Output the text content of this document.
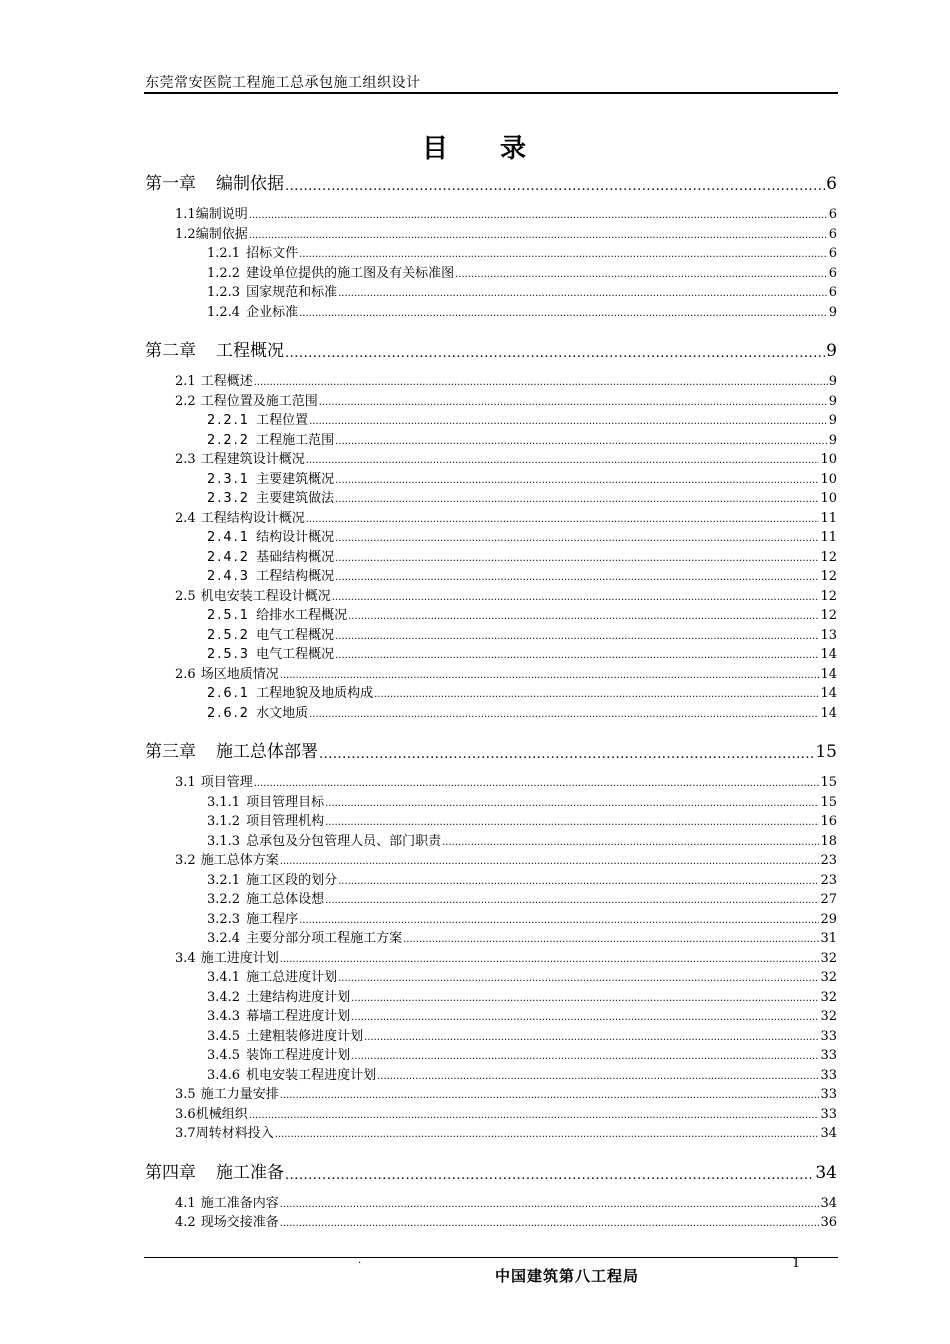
东莞常安医院工程施工总承包施工组织设计
目 录
第一章 编制依据 .....	6
1.1编制说明 .....	6
1.2编制依据 .....	6
1.2.1 招标文件 .....	6
1.2.2 建设单位提供的施工图及有关标准图 .....	6
1.2.3 国家规范和标准 .....	6
1.2.4 企业标准 .....	9
第二章 工程概况 .....	9
2.1 工程概述 .....	9
2.2 工程位置及施工范围 .....	9
2.2.1 工程位置 .....	9
2.2.2 工程施工范围 .....	9
2.3 工程建筑设计概况 .....	10
2.3.1 主要建筑概况 .....	10
2.3.2 主要建筑做法 .....	10
2.4 工程结构设计概况 .....	11
2.4.1 结构设计概况 .....	11
2.4.2 基础结构概况 .....	12
2.4.3 工程结构概况 .....	12
2.5 机电安装工程设计概况 .....	12
2.5.1 给排水工程概况 .....	12
2.5.2 电气工程概况 .....	13
2.5.3 电气工程概况 .....	14
2.6 场区地质情况 .....	14
2.6.1 工程地貌及地质构成 .....	14
2.6.2 水文地质 .....	14
第三章 施工总体部署 .....	15
3.1 项目管理 .....	15
3.1.1 项目管理目标 .....	15
3.1.2 项目管理机构 .....	16
3.1.3 总承包及分包管理人员、部门职责 .....	18
3.2 施工总体方案 .....	23
3.2.1 施工区段的划分 .....	23
3.2.2 施工总体设想 .....	27
3.2.3 施工程序 .....	29
3.2.4 主要分部分项工程施工方案 .....	31
3.4 施工进度计划 .....	32
3.4.1 施工总进度计划 .....	32
3.4.2 土建结构进度计划 .....	32
3.4.3 幕墙工程进度计划 .....	32
3.4.5 土建粗装修进度计划 .....	33
3.4.5 装饰工程进度计划 .....	33
3.4.6 机电安装工程进度计划 .....	33
3.5 施工力量安排 .....	33
3.6机械组织 .....	33
3.7周转材料投入 .....	34
第四章 施工准备 .....	34
4.1 施工准备内容 .....	34
4.2 现场交接准备 .....	36
·
中国建筑第八工程局
1
